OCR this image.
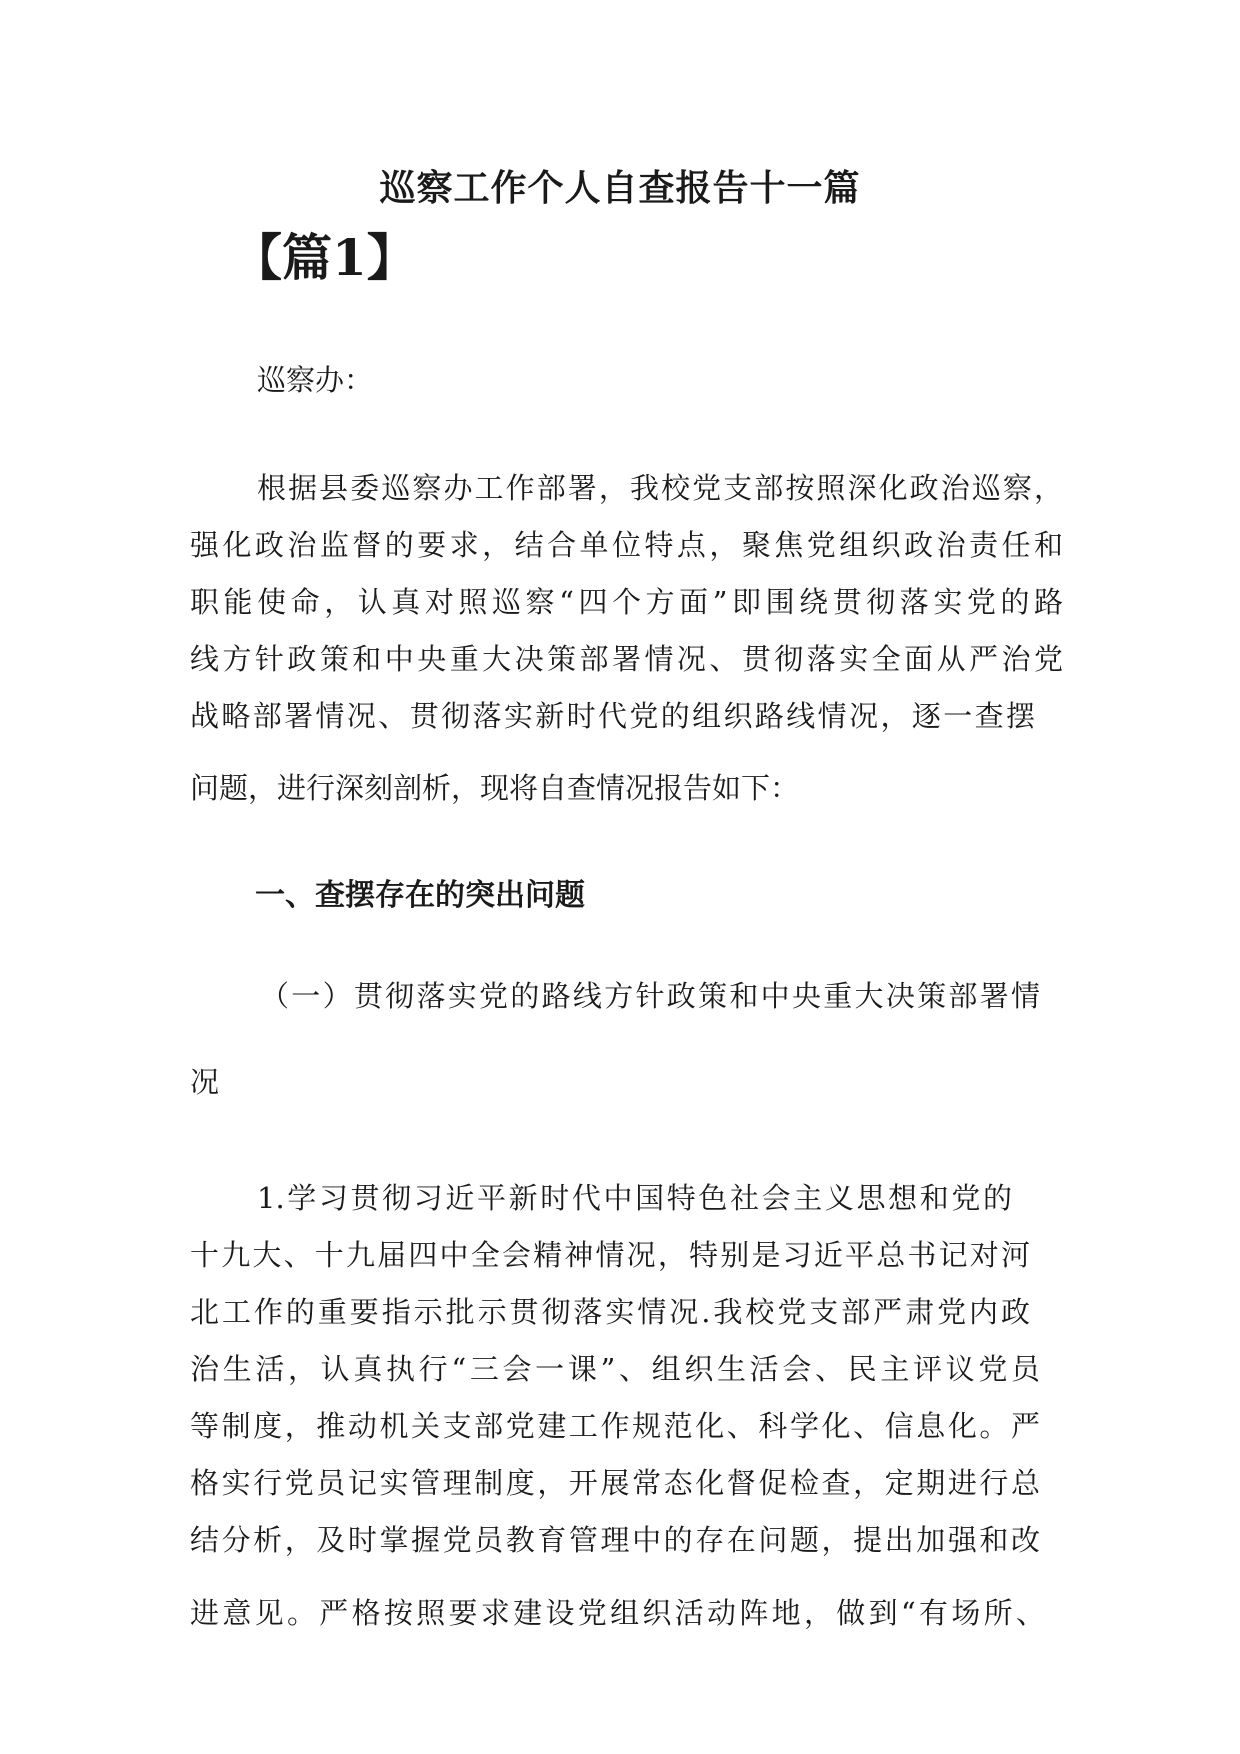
巡察工作个人自查报告十一篇
【篇1】

巡察办：

根据县委巡察办工作部署，我校党支部按照深化政治巡察，

强化政治监督的要求，结合单位特点，聚焦党组织政治责任和

职能使命，认真对照巡察“四个方面”即围绕贯彻落实党的路

线方针政策和中央重大决策部署情况、贯彻落实全面从严治党

战略部署情况、贯彻落实新时代党的组织路线情况，逐一查摆

问题，进行深刻剖析，现将自查情况报告如下：

一、查摆存在的突出问题

（一）贯彻落实党的路线方针政策和中央重大决策部署情

况

1.学习贯彻习近平新时代中国特色社会主义思想和党的

十九大、十九届四中全会精神情况，特别是习近平总书记对河

北工作的重要指示批示贯彻落实情况.我校党支部严肃党内政

治生活，认真执行“三会一课”、组织生活会、民主评议党员

等制度，推动机关支部党建工作规范化、科学化、信息化。严

格实行党员记实管理制度，开展常态化督促检查，定期进行总

结分析，及时掌握党员教育管理中的存在问题，提出加强和改

进意见。严格按照要求建设党组织活动阵地，做到“有场所、
